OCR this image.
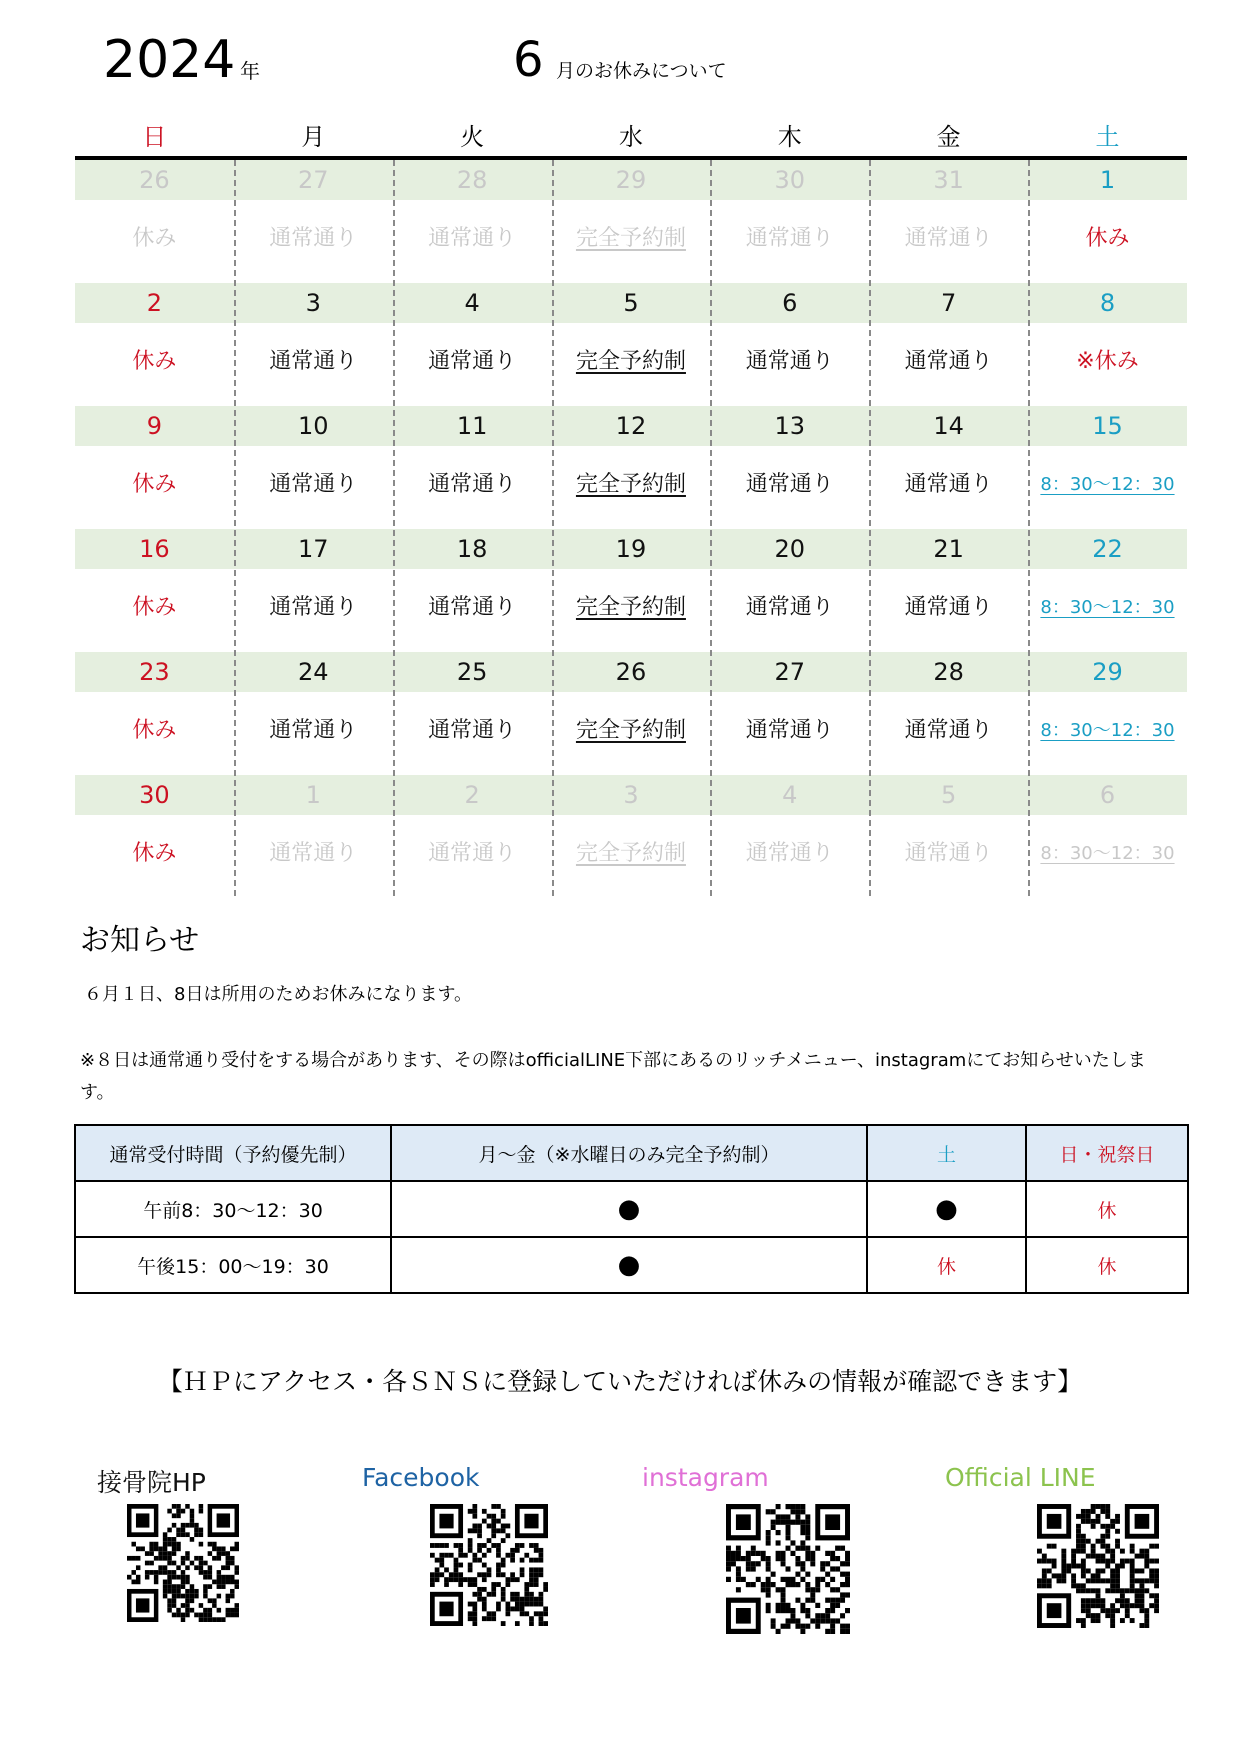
2024 年	6 月のお休みについて
日	月	火	水	木	金	土
26	27	28	29	30	31	1
休み	通常通り	通常通り	完全予約制	通常通り	通常通り	休み
2	3	4	5	6	7	8
休み	通常通り	通常通り	完全予約制	通常通り	通常通り	※休み
9	10	11	12	13	14	15
休み	通常通り	通常通り	完全予約制	通常通り	通常通り	8：30～12：30
16	17	18	19	20	21	22
休み	通常通り	通常通り	完全予約制	通常通り	通常通り	8：30～12：30
23	24	25	26	27	28	29
休み	通常通り	通常通り	完全予約制	通常通り	通常通り	8：30～12：30
30	1	2	3	4	5	6
休み	通常通り	通常通り	完全予約制	通常通り	通常通り	8：30～12：30
お知らせ
６月１日、8日は所用のためお休みになります。
※８日は通常通り受付をする場合があります、その際はofficialLINE下部にあるのリッチメニュー、instagramにてお知らせいたします。
通常受付時間（予約優先制）	月～金（※水曜日のみ完全予約制）	土	日・祝祭日
午前8：30～12：30	●	●	休
午後15：00～19：30	●	休	休
【ＨＰにアクセス・各ＳＮＳに登録していただければ休みの情報が確認できます】
接骨院HP	Facebook	instagram	Official LINE
